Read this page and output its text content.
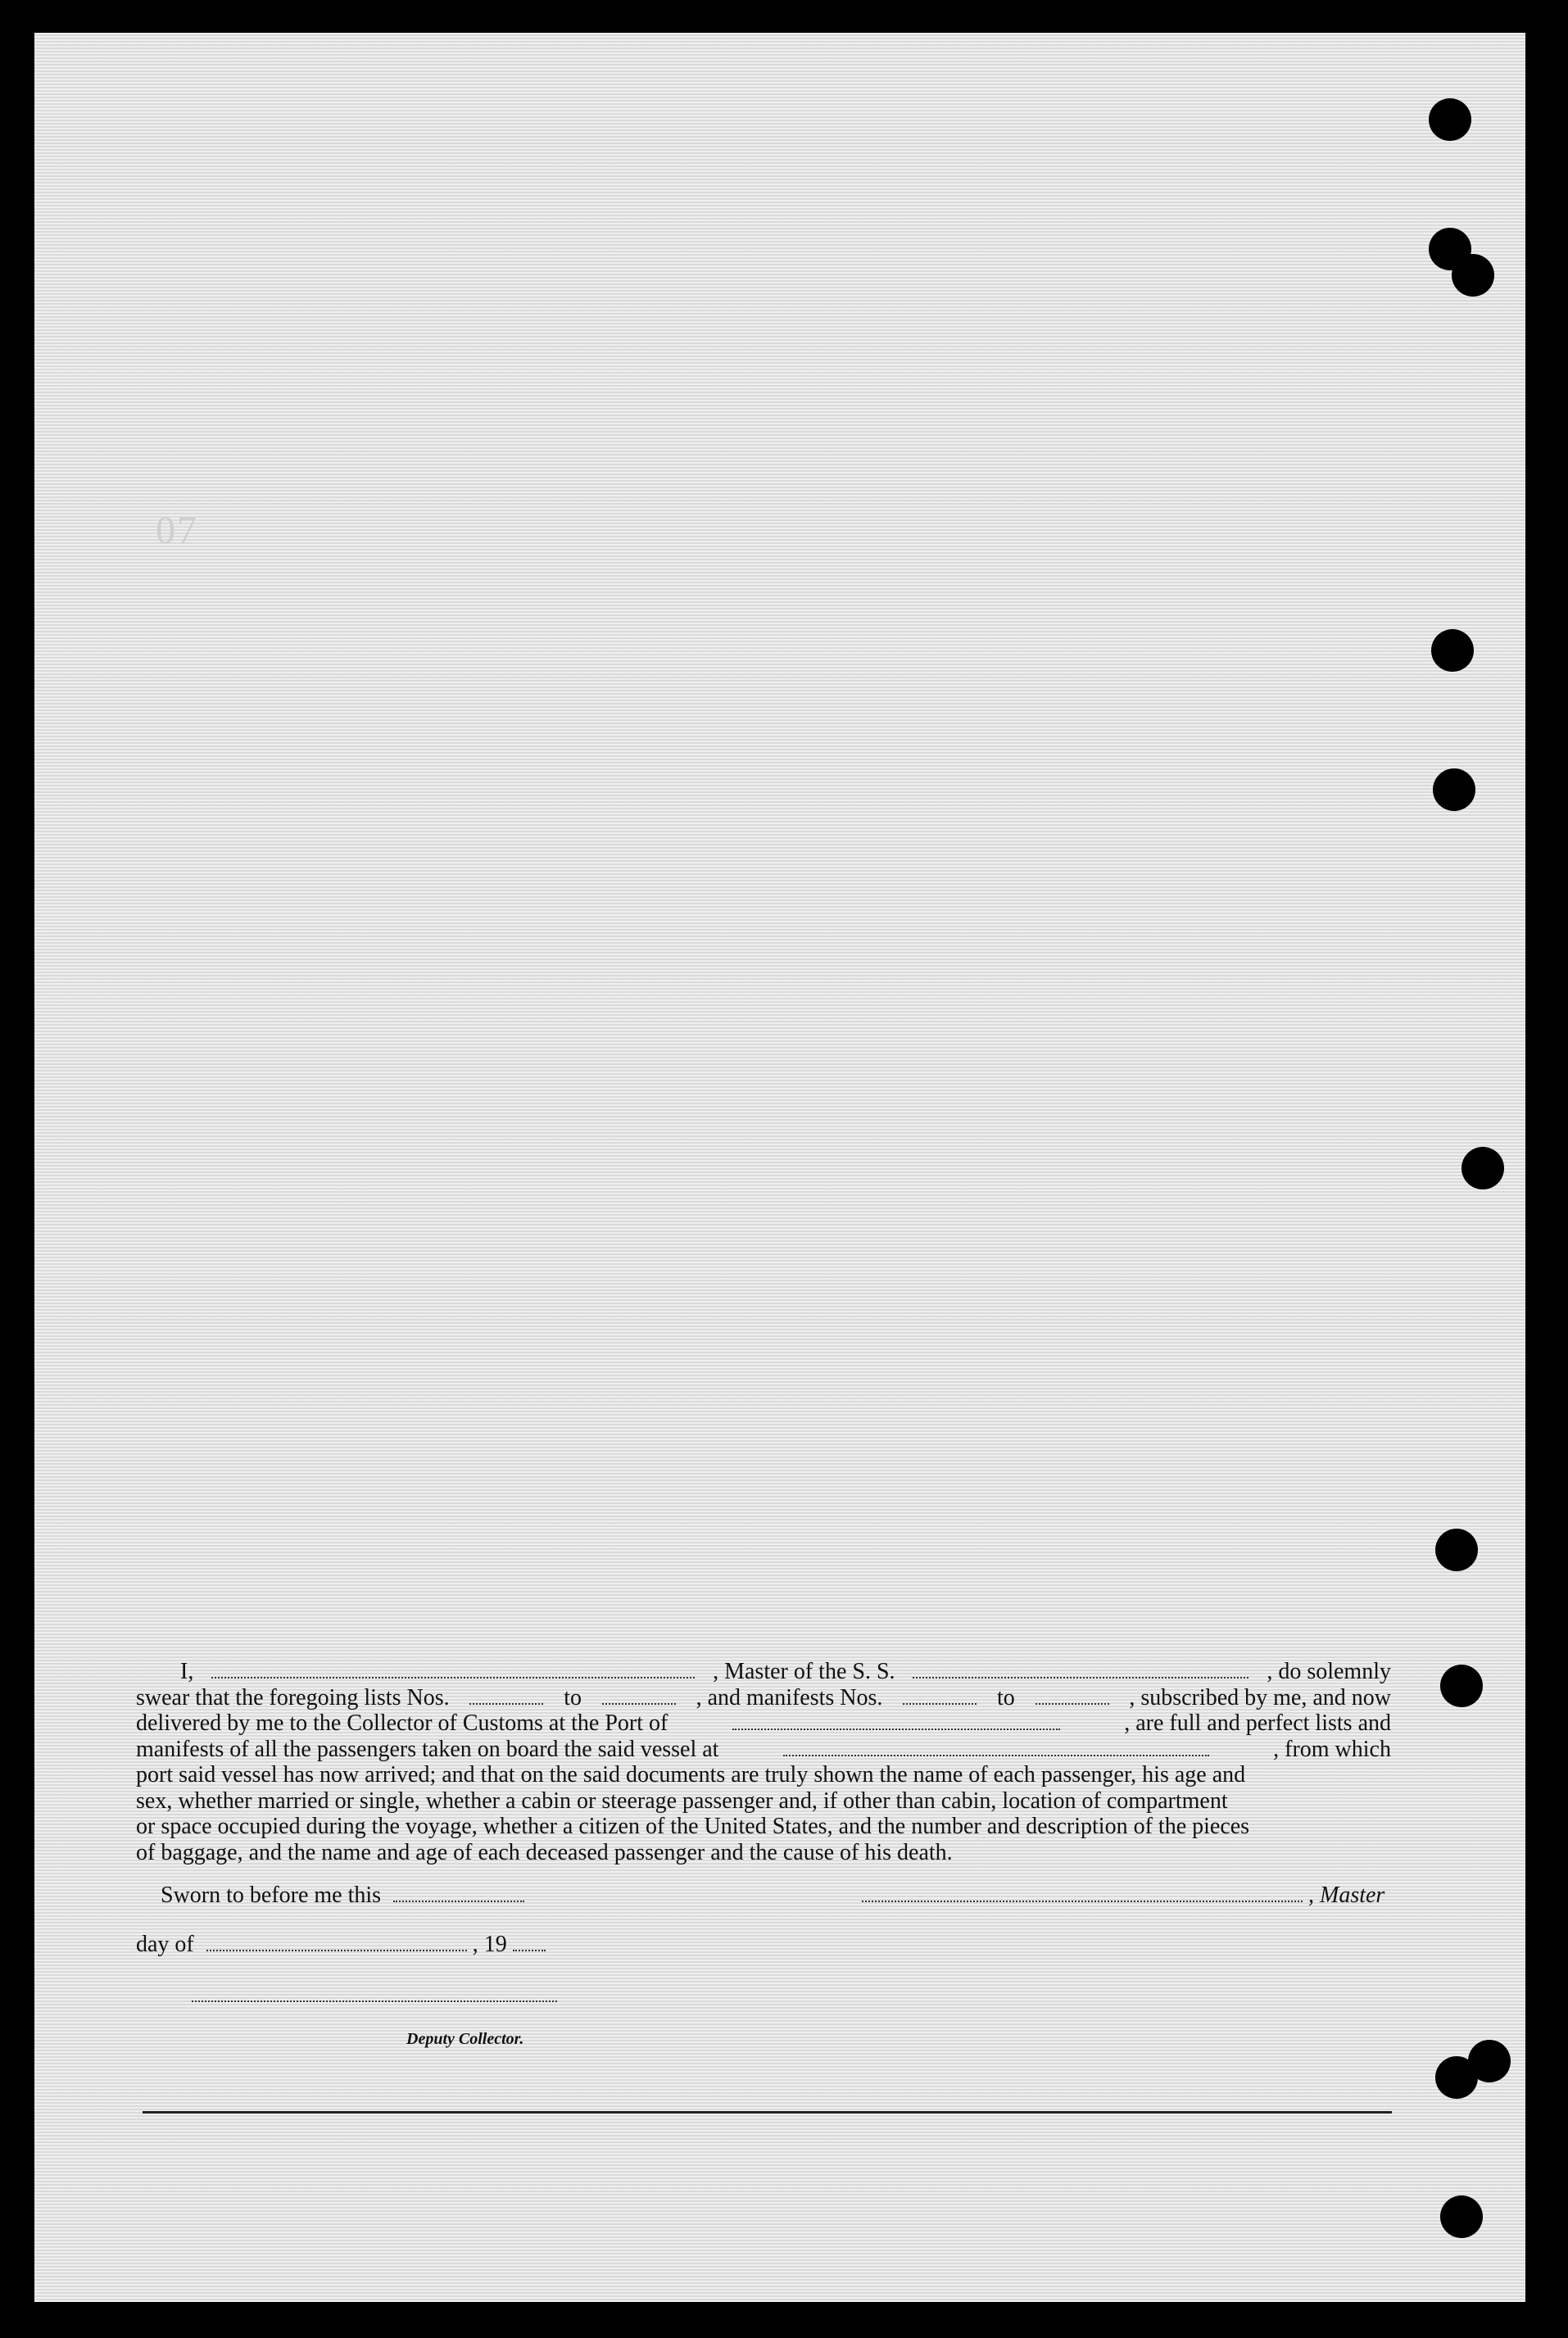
07
I,	, Master of the S. S.	, do solemnly
swear that the foregoing lists Nos.	to	, and manifests Nos.	to	, subscribed by me, and now
delivered by me to the Collector of Customs at the Port of	, are full and perfect lists and
manifests of all the passengers taken on board the said vessel at	, from which
port said vessel has now arrived; and that on the said documents are truly shown the name of each passenger, his age and
sex, whether married or single, whether a cabin or steerage passenger and, if other than cabin, location of compartment
or space occupied during the voyage, whether a citizen of the United States, and the number and description of the pieces
of baggage, and the name and age of each deceased passenger and the cause of his death.
Sworn to before me this	, Master
day of	, 19
Deputy Collector.
